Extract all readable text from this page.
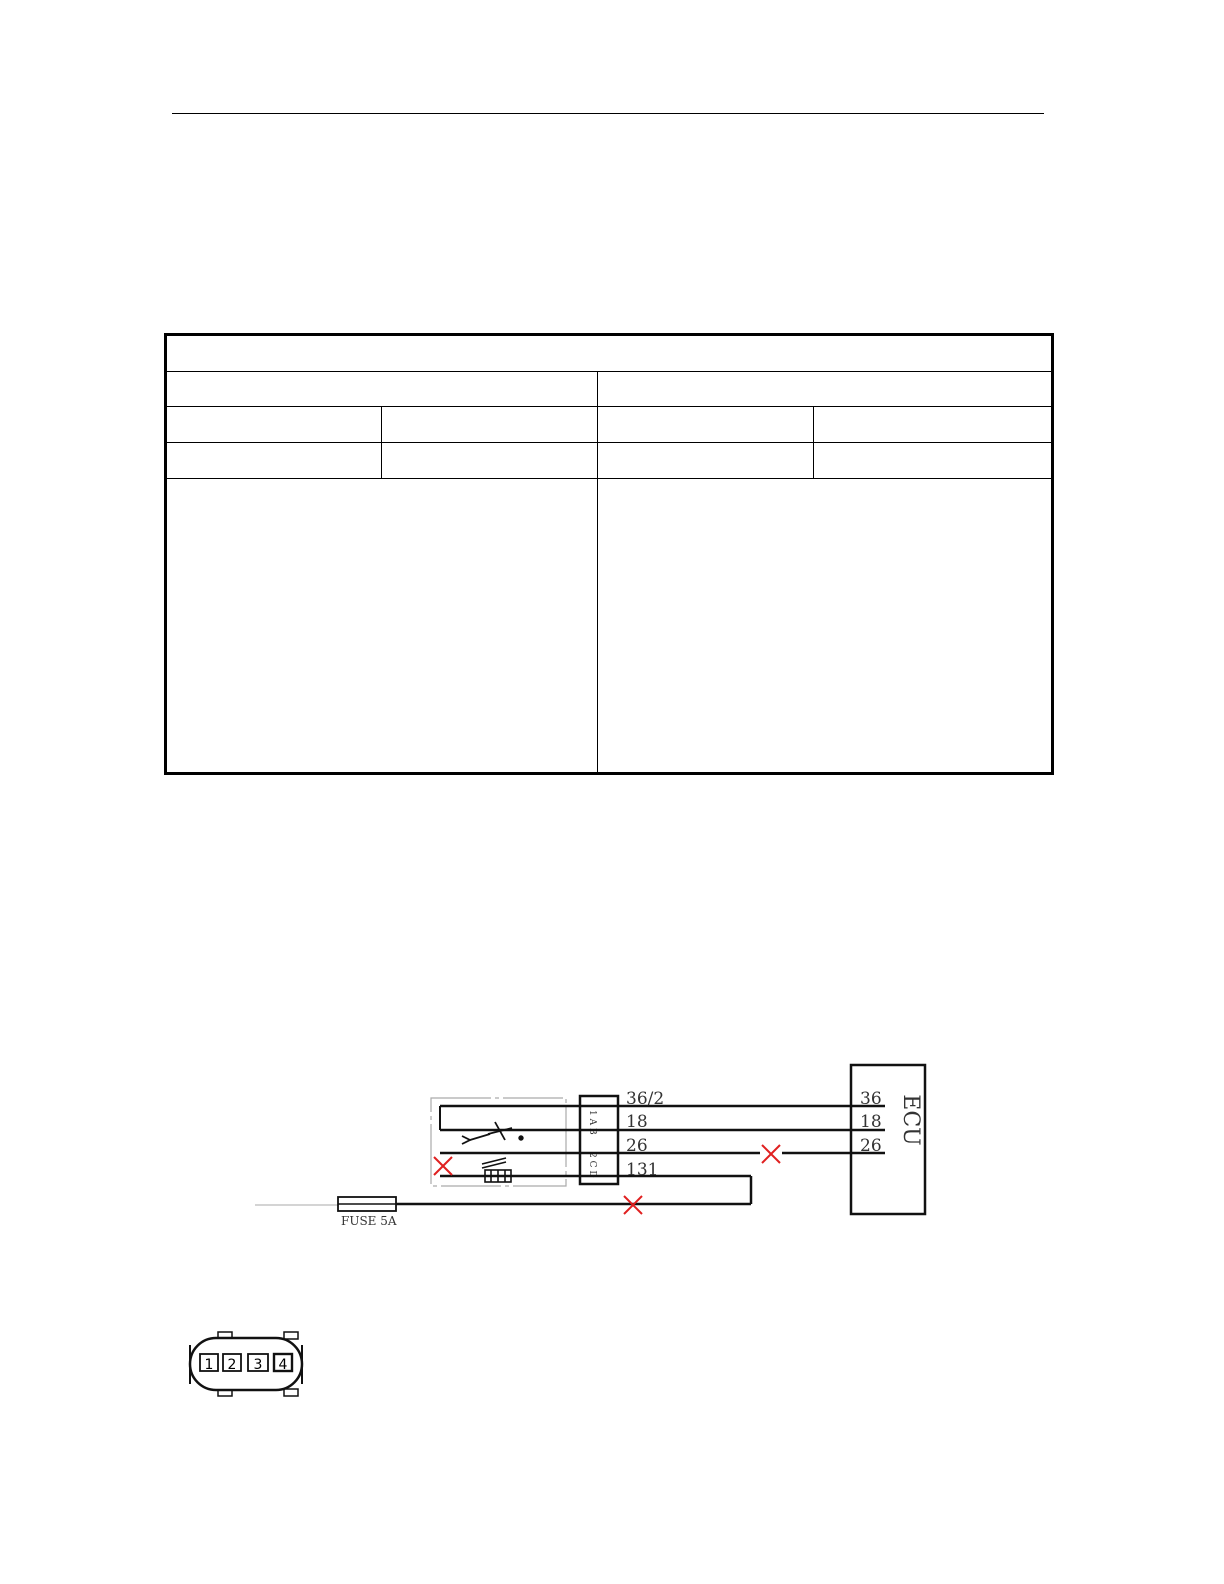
ECU
36
18
26
1 A B
2 C D
36/2
18
26
131
FUSE 5A
1 2 3 4
